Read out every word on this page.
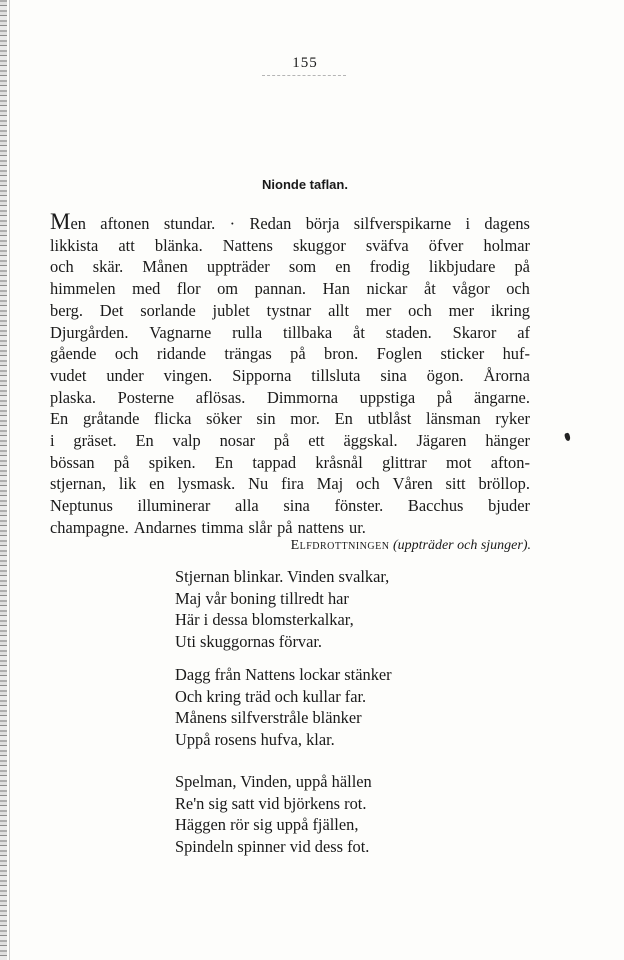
155
Nionde taflan.
Men aftonen stundar. · Redan börja silfverspikarne i dagens
likkista att blänka. Nattens skuggor sväfva öfver holmar
och skär. Månen uppträder som en frodig likbjudare på
himmelen med flor om pannan. Han nickar åt vågor och
berg. Det sorlande jublet tystnar allt mer och mer ikring
Djurgården. Vagnarne rulla tillbaka åt staden. Skaror af
gående och ridande trängas på bron. Foglen sticker huf-
vudet under vingen. Sipporna tillsluta sina ögon. Årorna
plaska. Posterne aflösas. Dimmorna uppstiga på ängarne.
En gråtande flicka söker sin mor. En utblåst länsman ryker
i gräset. En valp nosar på ett äggskal. Jägaren hänger
bössan på spiken. En tappad kråsnål glittrar mot afton-
stjernan, lik en lysmask. Nu fira Maj och Våren sitt bröllop.
Neptunus illuminerar alla sina fönster. Bacchus bjuder
champagne. Andarnes timma slår på nattens ur.
Elfdrottningen (uppträder och sjunger).
Stjernan blinkar. Vinden svalkar,
Maj vår boning tillredt har
Här i dessa blomsterkalkar,
Uti skuggornas förvar.
Dagg från Nattens lockar stänker
Och kring träd och kullar far.
Månens silfverstråle blänker
Uppå rosens hufva, klar.
Spelman, Vinden, uppå hällen
Re'n sig satt vid björkens rot.
Häggen rör sig uppå fjällen,
Spindeln spinner vid dess fot.
